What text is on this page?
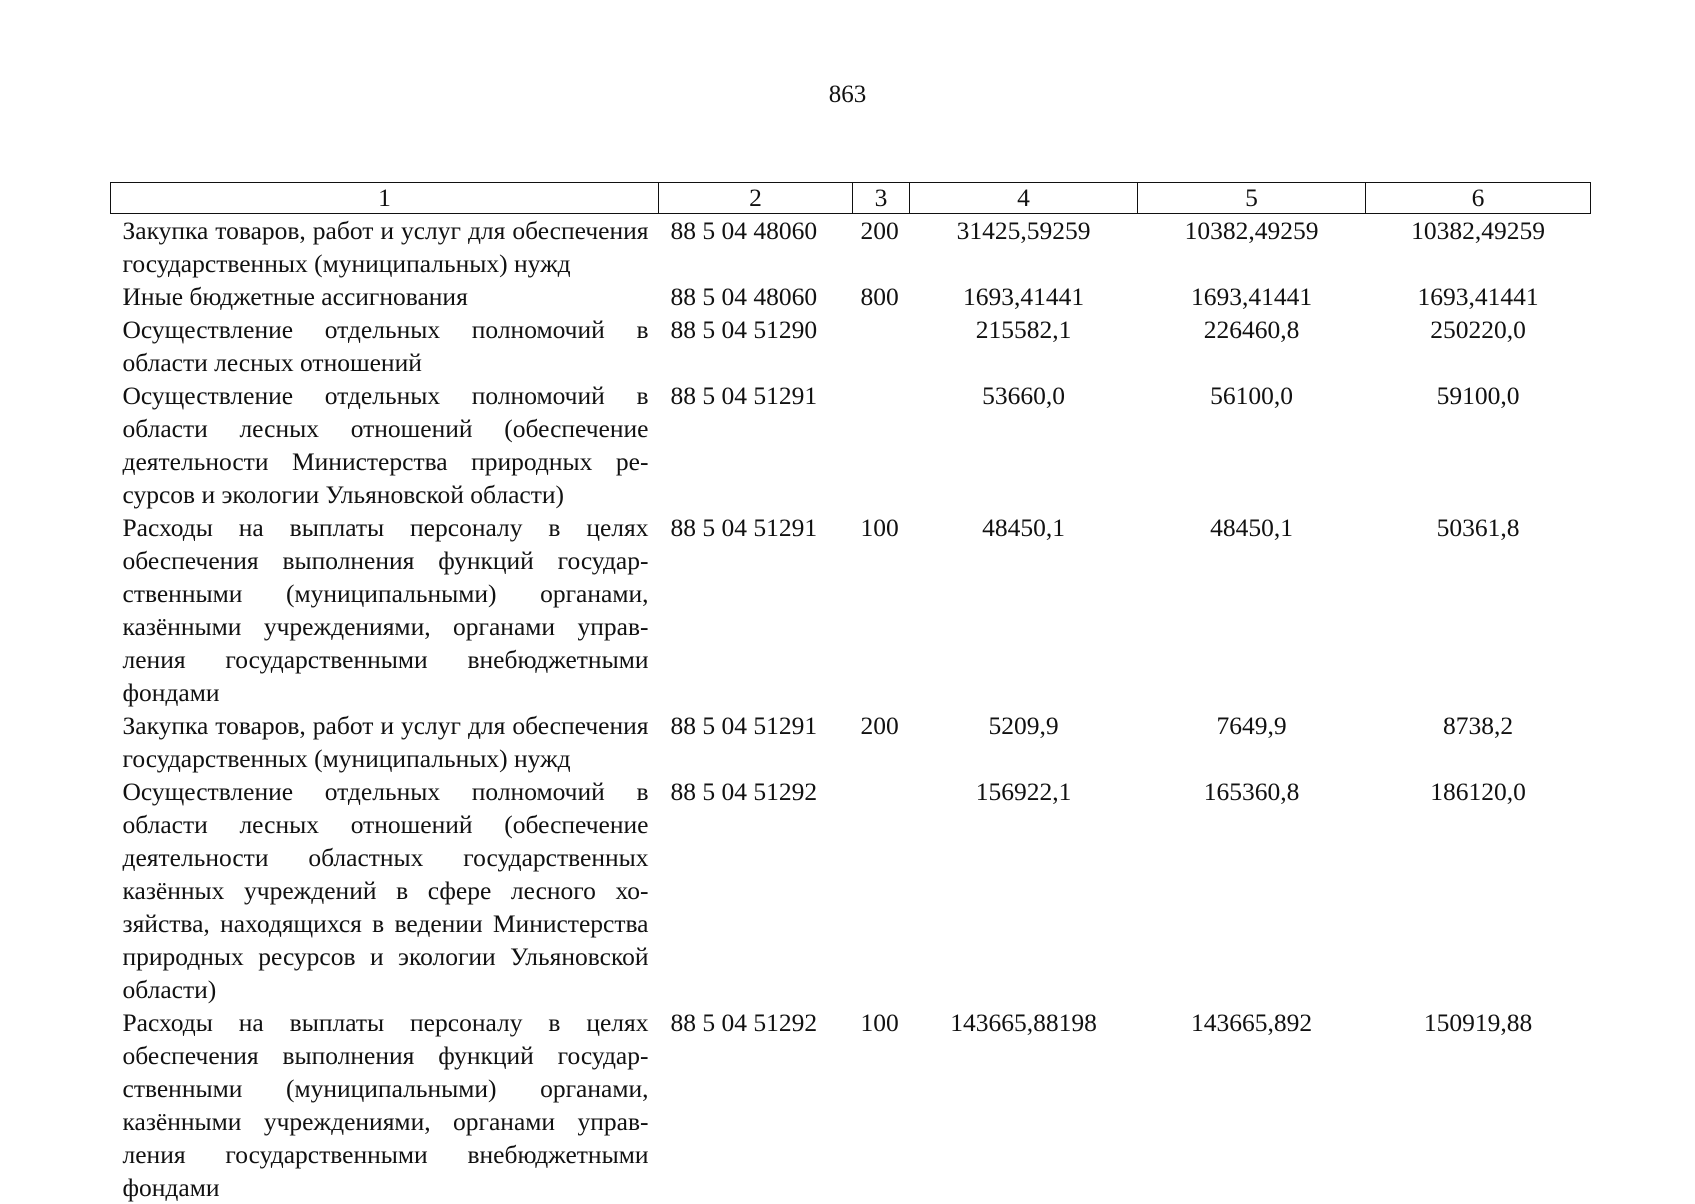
863
1	2	3	4	5	6
Закупка товаров, работ и услуг для обеспечения государственных (муниципальных) нужд	88 5 04 48060	200	31425,59259	10382,49259	10382,49259
Иные бюджетные ассигнования	88 5 04 48060	800	1693,41441	1693,41441	1693,41441
Осуществление отдельных полномочий в области лесных отношений	88 5 04 51290		215582,1	226460,8	250220,0
Осуществление отдельных полномочий в области лесных отношений (обеспечение деятельности Министерства природных ресурсов и экологии Ульяновской области)	88 5 04 51291		53660,0	56100,0	59100,0
Расходы на выплаты персоналу в целях обеспечения выполнения функций государственными (муниципальными) органами, казёнными учреждениями, органами управления государственными внебюджетными фондами	88 5 04 51291	100	48450,1	48450,1	50361,8
Закупка товаров, работ и услуг для обеспечения государственных (муниципальных) нужд	88 5 04 51291	200	5209,9	7649,9	8738,2
Осуществление отдельных полномочий в области лесных отношений (обеспечение деятельности областных государственных казённых учреждений в сфере лесного хозяйства, находящихся в ведении Министерства природных ресурсов и экологии Ульяновской области)	88 5 04 51292		156922,1	165360,8	186120,0
Расходы на выплаты персоналу в целях обеспечения выполнения функций государственными (муниципальными) органами, казёнными учреждениями, органами управления государственными внебюджетными фондами	88 5 04 51292	100	143665,88198	143665,892	150919,88
